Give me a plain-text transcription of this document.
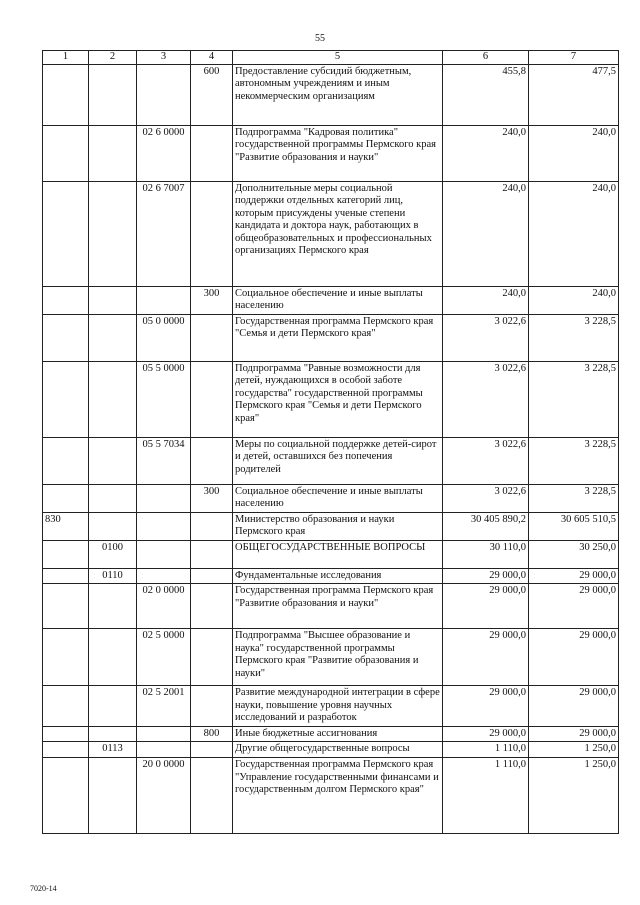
55
1	2	3	4	5	6	7
			600	Предоставление субсидий бюджетным, автономным учреждениям и иным некоммерческим организациям	455,8	477,5
		02 6 0000		Подпрограмма "Кадровая политика" государственной программы Пермского края "Развитие образования и науки"	240,0	240,0
		02 6 7007		Дополнительные меры социальной поддержки отдельных категорий лиц, которым присуждены ученые степени кандидата и доктора наук, работающих в общеобразовательных и профессиональных организациях Пермского края	240,0	240,0
			300	Социальное обеспечение и иные выплаты населению	240,0	240,0
		05 0 0000		Государственная программа Пермского края "Семья и дети Пермского края"	3 022,6	3 228,5
		05 5 0000		Подпрограмма "Равные возможности для детей, нуждающихся в особой заботе государства" государственной программы Пермского края "Семья и дети Пермского края"	3 022,6	3 228,5
		05 5 7034		Меры по социальной поддержке детей-сирот и детей, оставшихся без попечения родителей	3 022,6	3 228,5
			300	Социальное обеспечение и иные выплаты населению	3 022,6	3 228,5
830				Министерство образования и науки Пермского края	30 405 890,2	30 605 510,5
	0100			ОБЩЕГОСУДАРСТВЕННЫЕ ВОПРОСЫ	30 110,0	30 250,0
	0110			Фундаментальные исследования	29 000,0	29 000,0
		02 0 0000		Государственная программа Пермского края "Развитие образования и науки"	29 000,0	29 000,0
		02 5 0000		Подпрограмма "Высшее образование и наука" государственной программы Пермского края "Развитие образования и науки"	29 000,0	29 000,0
		02 5 2001		Развитие международной интеграции в сфере науки, повышение уровня научных исследований и разработок	29 000,0	29 000,0
			800	Иные бюджетные ассигнования	29 000,0	29 000,0
	0113			Другие общегосударственные вопросы	1 110,0	1 250,0
		20 0 0000		Государственная программа Пермского края "Управление государственными финансами и государственным долгом Пермского края"	1 110,0	1 250,0
7020-14
